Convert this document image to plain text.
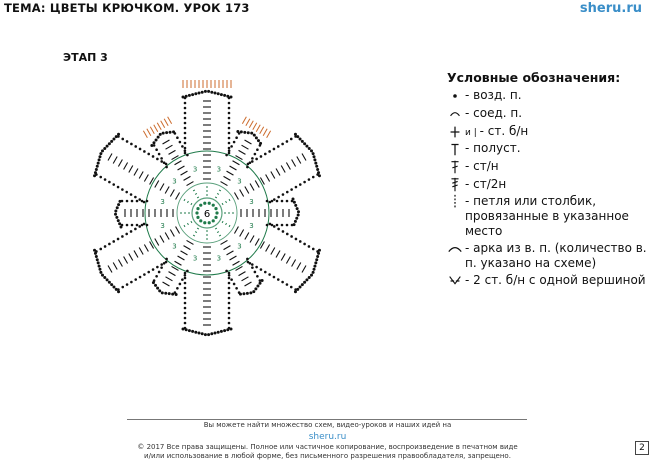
ТЕМА: ЦВЕТЫ КРЮЧКОМ. УРОК 173	sheru.ru
ЭТАП 3
6
3
3
3
3
3
3
3
3
3
3
3
3
Условные обозначения:
- возд. п.
- соед. п.
и | - ст. б/н
- полуст.
- ст/н
- ст/2н
- петля или столбик, провязанные в указанное место
- арка из в. п. (количество в. п. указано на схеме)
- 2 ст. б/н с одной вершиной
Вы можете найти множество схем, видео-уроков и наших идей на
sheru.ru
© 2017 Все права защищены. Полное или частичное копирование, воспроизведение в печатном виде
и/или использование в любой форме, без письменного разрешения правообладателя, запрещено.
2
